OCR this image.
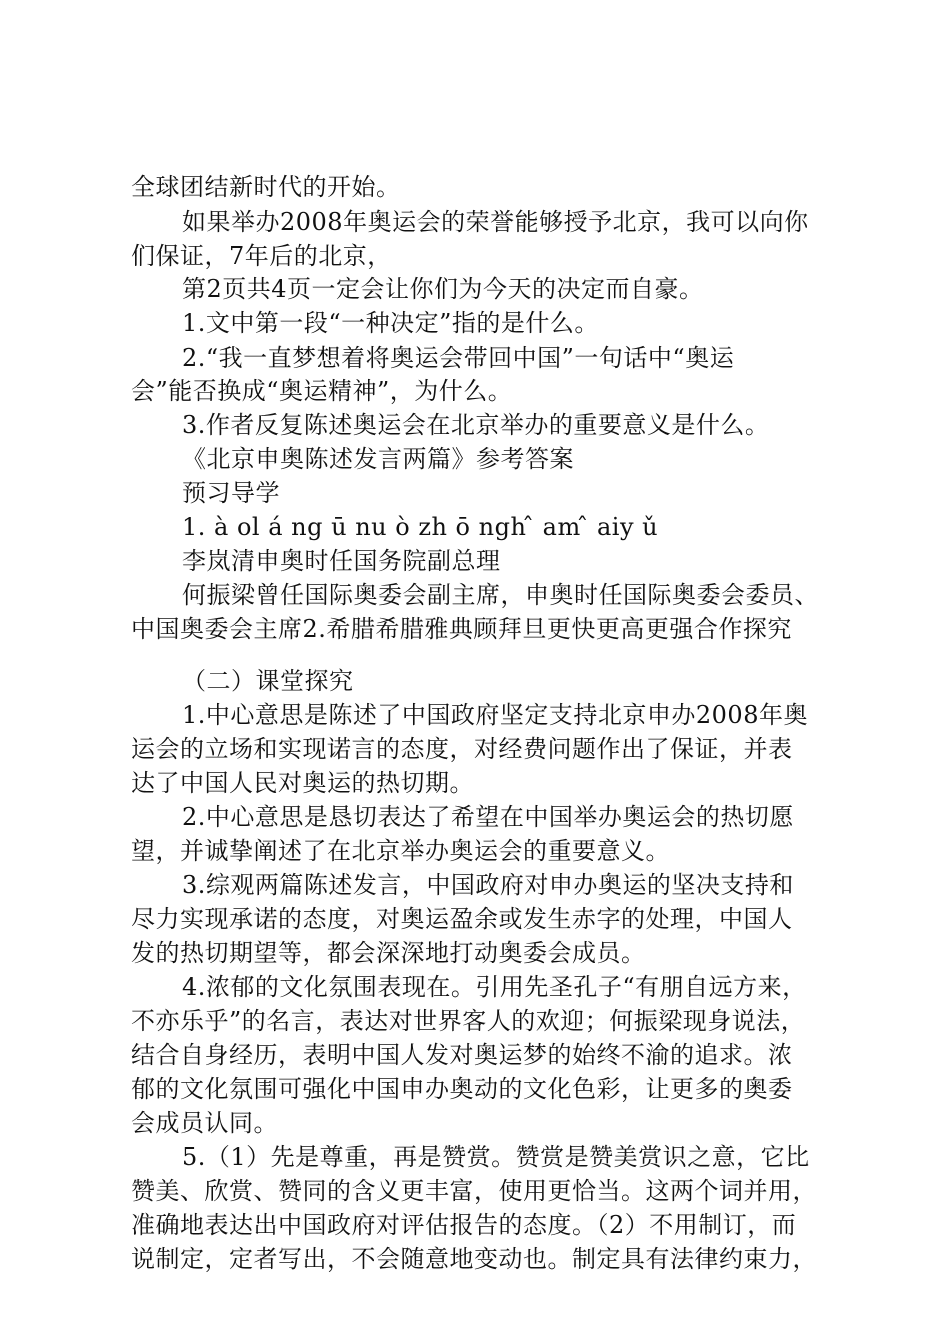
全球团结新时代的开始。
如果举办2008年奥运会的荣誉能够授予北京，我可以向你
们保证，7年后的北京，
第2页共4页一定会让你们为今天的决定而自豪。
1.文中第一段“一种决定”指的是什么。
2.“我一直梦想着将奥运会带回中国”一句话中“奥运
会”能否换成“奥运精神”，为什么。
3.作者反复陈述奥运会在北京举办的重要意义是什么。
《北京申奥陈述发言两篇》参考答案
预习导学
1. à ol á ng ū nu ò zh ō ngh ̂ am ̂ aiy ǔ
李岚清申奥时任国务院副总理
何振梁曾任国际奥委会副主席，申奥时任国际奥委会委员、
中国奥委会主席2.希腊希腊雅典顾拜旦更快更高更强合作探究
（二）课堂探究
1.中心意思是陈述了中国政府坚定支持北京申办2008年奥
运会的立场和实现诺言的态度，对经费问题作出了保证，并表
达了中国人民对奥运的热切期。
2.中心意思是恳切表达了希望在中国举办奥运会的热切愿
望，并诚挚阐述了在北京举办奥运会的重要意义。
3.综观两篇陈述发言，中国政府对申办奥运的坚决支持和
尽力实现承诺的态度，对奥运盈余或发生赤字的处理，中国人
发的热切期望等，都会深深地打动奥委会成员。
4.浓郁的文化氛围表现在。引用先圣孔子“有朋自远方来，
不亦乐乎”的名言，表达对世界客人的欢迎；何振梁现身说法，
结合自身经历，表明中国人发对奥运梦的始终不渝的追求。浓
郁的文化氛围可强化中国申办奥动的文化色彩，让更多的奥委
会成员认同。
5.（1）先是尊重，再是赞赏。赞赏是赞美赏识之意，它比
赞美、欣赏、赞同的含义更丰富，使用更恰当。这两个词并用，
准确地表达出中国政府对评估报告的态度。（2）不用制订，而
说制定，定者写出，不会随意地变动也。制定具有法律约束力，
